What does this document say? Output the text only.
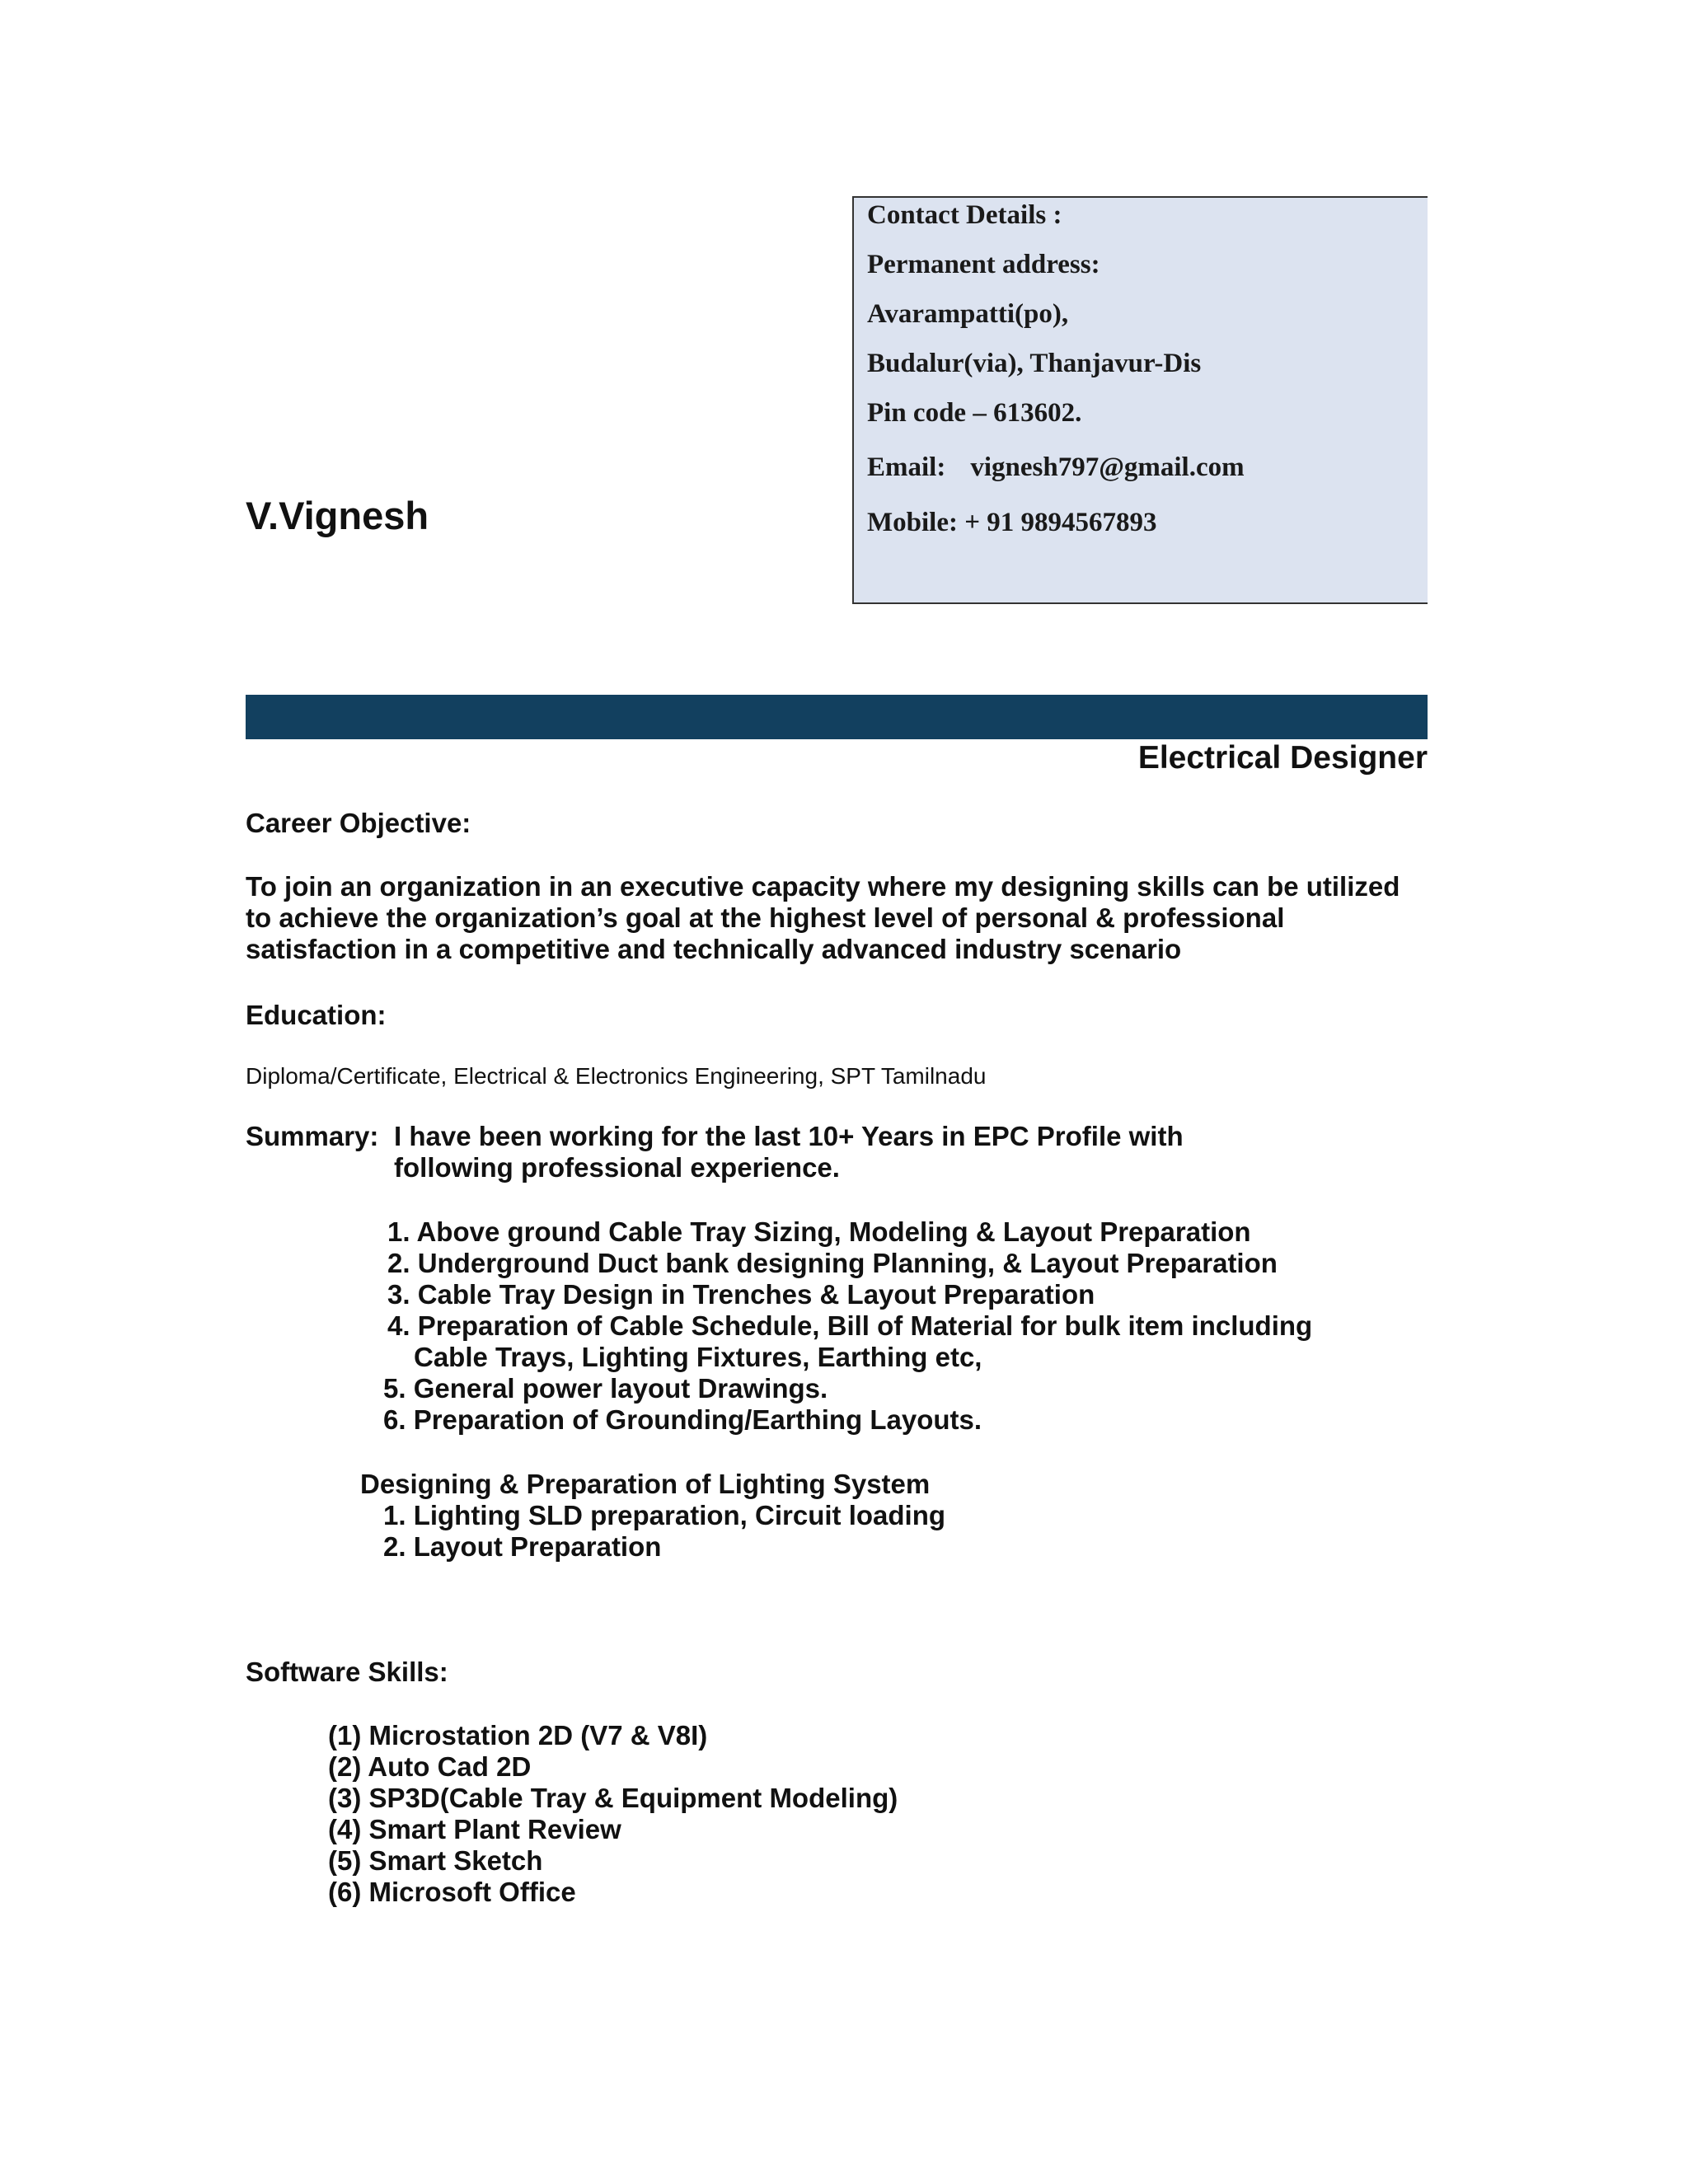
Contact Details :
Permanent address:
Avarampatti(po),
Budalur(via), Thanjavur-Dis
Pin code – 613602.
Email: vignesh797@gmail.com
Mobile: + 91 9894567893
V.Vignesh
Electrical Designer
Career Objective:
To join an organization in an executive capacity where my designing skills can be utilized
to achieve the organization’s goal at the highest level of personal & professional
satisfaction in a competitive and technically advanced industry scenario
Education:
Diploma/Certificate, Electrical & Electronics Engineering, SPT Tamilnadu
Summary: I have been working for the last 10+ Years in EPC Profile with
following professional experience.
1. Above ground Cable Tray Sizing, Modeling & Layout Preparation
2. Underground Duct bank designing Planning, & Layout Preparation
3. Cable Tray Design in Trenches & Layout Preparation
4. Preparation of Cable Schedule, Bill of Material for bulk item including
Cable Trays, Lighting Fixtures, Earthing etc,
5. General power layout Drawings.
6. Preparation of Grounding/Earthing Layouts.
Designing & Preparation of Lighting System
1. Lighting SLD preparation, Circuit loading
2. Layout Preparation
Software Skills:
(1) Microstation 2D (V7 & V8I)
(2) Auto Cad 2D
(3) SP3D(Cable Tray & Equipment Modeling)
(4) Smart Plant Review
(5) Smart Sketch
(6) Microsoft Office
